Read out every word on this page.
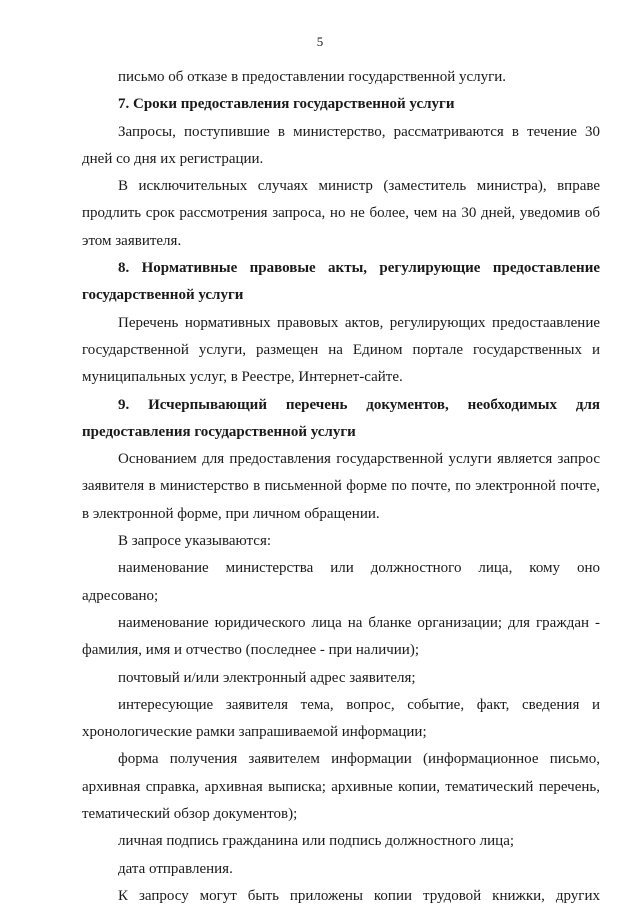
5

письмо об отказе в предоставлении государственной услуги.

7. Сроки предоставления государственной услуги

Запросы, поступившие в министерство, рассматриваются в течение 30 дней со дня их регистрации.

В исключительных случаях министр (заместитель министра), вправе продлить срок рассмотрения запроса, но не более, чем на 30 дней, уведомив об этом заявителя.

8. Нормативные правовые акты, регулирующие предоставление государственной услуги

Перечень нормативных правовых актов, регулирующих предостаавление государственной услуги, размещен на Едином портале государственных и муниципальных услуг, в Реестре, Интернет-сайте.

9. Исчерпывающий перечень документов, необходимых для

предоставления государственной услуги

Основанием для предоставления государственной услуги является запрос заявителя в министерство в письменной форме по почте, по электронной почте, в электронной форме, при личном обращении.

В запросе указываются:

наименование министерства или должностного лица, кому оно адресовано;

наименование юридического лица на бланке организации; для граждан - фамилия, имя и отчество (последнее - при наличии);

почтовый и/или электронный адрес заявителя;

интересующие заявителя тема, вопрос, событие, факт, сведения и хронологические рамки запрашиваемой информации;

форма получения заявителем информации (информационное письмо, архивная справка, архивная выписка; архивные копии, тематический перечень, тематический обзор документов);

личная подпись гражданина или подпись должностного лица;

дата отправления.

К запросу могут быть приложены копии трудовой книжки, других
